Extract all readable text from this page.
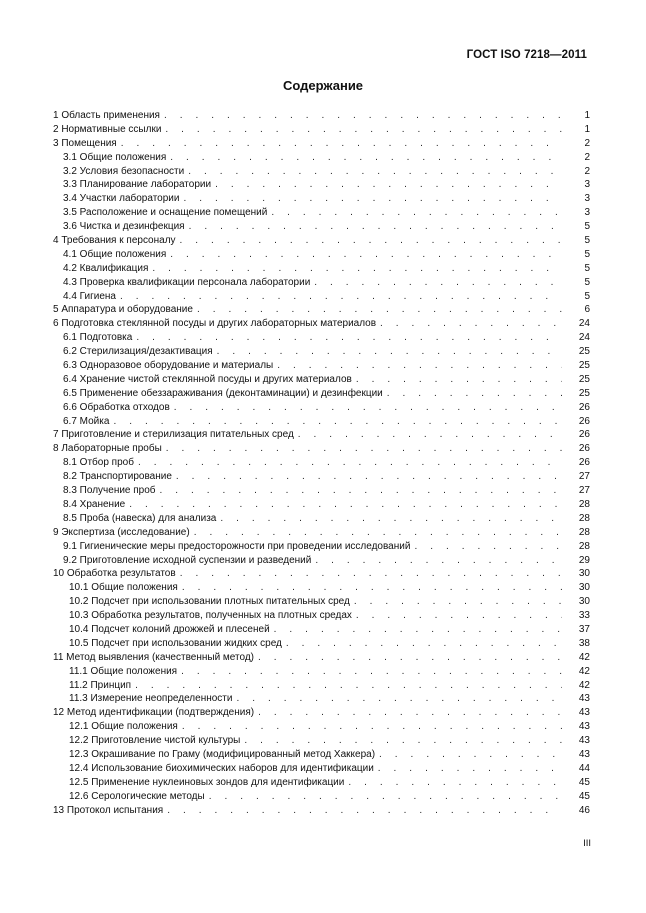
ГОСТ ISO 7218—2011
Содержание
1 Область применения . . .	1
2 Нормативные ссылки . . .	1
3 Помещения . . .	2
3.1 Общие положения . . .	2
3.2 Условия безопасности . . .	2
3.3 Планирование лаборатории . . .	3
3.4 Участки лаборатории . . .	3
3.5 Расположение и оснащение помещений . . .	3
3.6 Чистка и дезинфекция . . .	5
4 Требования к персоналу . . .	5
4.1 Общие положения . . .	5
4.2 Квалификация . . .	5
4.3 Проверка квалификации персонала лаборатории . . .	5
4.4 Гигиена . . .	5
5 Аппаратура и оборудование . . .	6
6 Подготовка стеклянной посуды и других лабораторных материалов . . .	24
6.1 Подготовка . . .	24
6.2 Стерилизация/дезактивация . . .	25
6.3 Одноразовое оборудование и материалы . . .	25
6.4 Хранение чистой стеклянной посуды и других материалов . . .	25
6.5 Применение обеззараживания (деконтаминации) и дезинфекции . . .	25
6.6 Обработка отходов . . .	26
6.7 Мойка . . .	26
7 Приготовление и стерилизация питательных сред . . .	26
8 Лабораторные пробы . . .	26
8.1 Отбор проб . . .	26
8.2 Транспортирование . . .	27
8.3 Получение проб . . .	27
8.4 Хранение . . .	28
8.5 Проба (навеска) для анализа . . .	28
9 Экспертиза (исследование) . . .	28
9.1 Гигиенические меры предосторожности при проведении исследований . . .	28
9.2 Приготовление исходной суспензии и разведений . . .	29
10 Обработка результатов . . .	30
10.1 Общие положения . . .	30
10.2 Подсчет при использовании плотных питательных сред . . .	30
10.3 Обработка результатов, полученных на плотных средах . . .	33
10.4 Подсчет колоний дрожжей и плесеней . . .	37
10.5 Подсчет при использовании жидких сред . . .	38
11 Метод выявления (качественный метод) . . .	42
11.1 Общие положения . . .	42
11.2 Принцип . . .	42
11.3 Измерение неопределенности . . .	43
12 Метод идентификации (подтверждения) . . .	43
12.1 Общие положения . . .	43
12.2 Приготовление чистой культуры . . .	43
12.3 Окрашивание по Граму (модифицированный метод Хаккера) . . .	43
12.4 Использование биохимических наборов для идентификации . . .	44
12.5 Применение нуклеиновых зондов для идентификации . . .	45
12.6 Серологические методы . . .	45
13 Протокол испытания . . .	46
III
